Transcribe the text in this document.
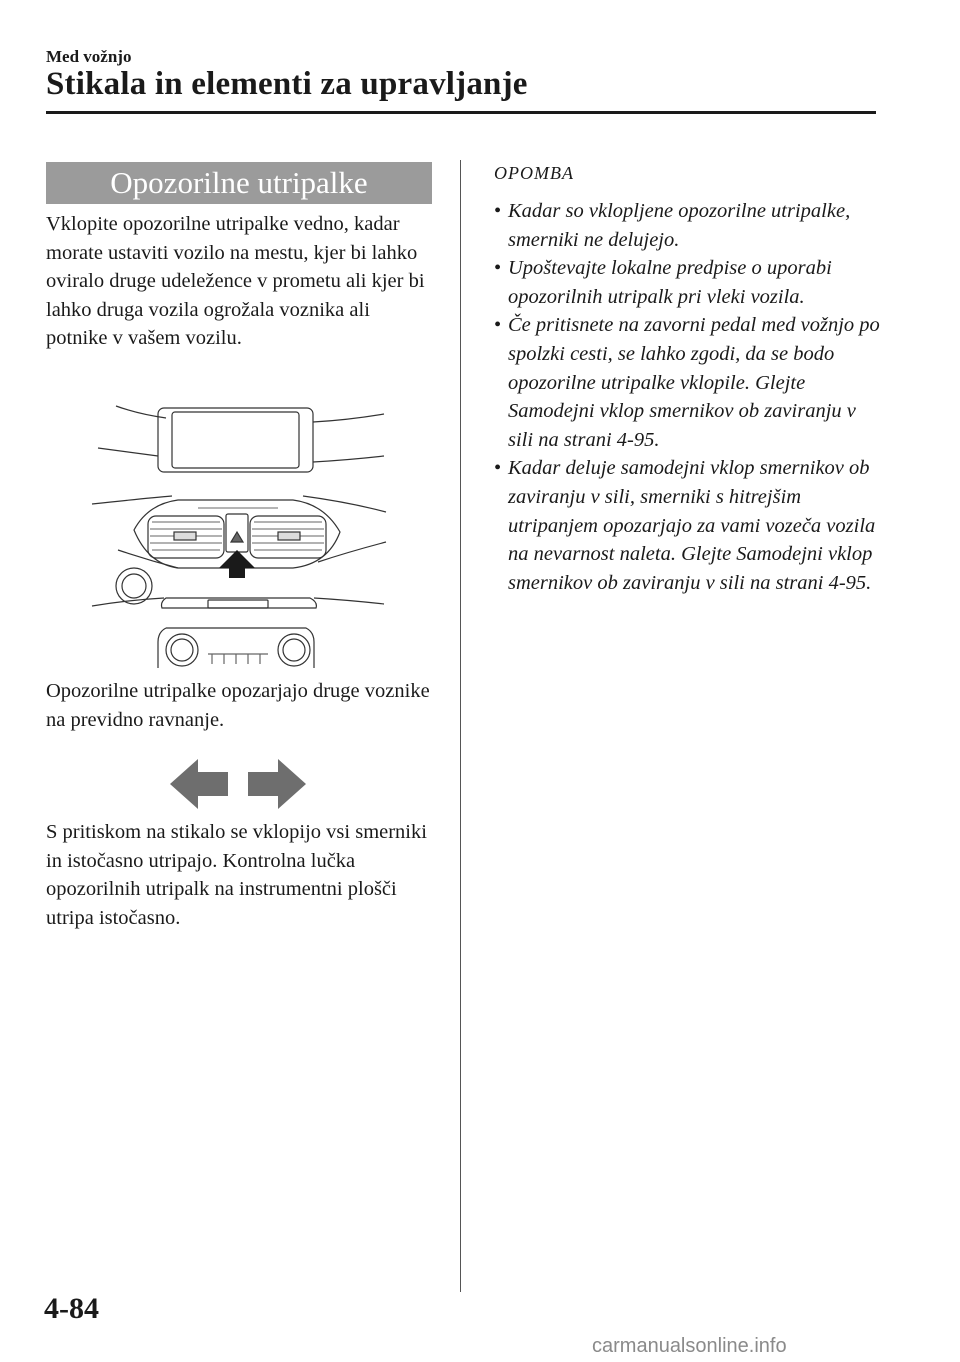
Med vožnjo
Stikala in elementi za upravljanje
Opozorilne utripalke
Vklopite opozorilne utripalke vedno, kadar morate ustaviti vozilo na mestu, kjer bi lahko oviralo druge udeležence v prometu ali kjer bi lahko druga vozila ogrožala voznika ali potnike v vašem vozilu.
Opozorilne utripalke opozarjajo druge voznike na previdno ravnanje.
S pritiskom na stikalo se vklopijo vsi smerniki in istočasno utripajo. Kontrolna lučka opozorilnih utripalk na instrumentni plošči utripa istočasno.
OPOMBA
• Kadar so vklopljene opozorilne utripalke, smerniki ne delujejo.
• Upoštevajte lokalne predpise o uporabi opozorilnih utripalk pri vleki vozila.
• Če pritisnete na zavorni pedal med vožnjo po spolzki cesti, se lahko zgodi, da se bodo opozorilne utripalke vklopile. Glejte Samodejni vklop smernikov ob zaviranju v sili na strani 4-95.
• Kadar deluje samodejni vklop smernikov ob zaviranju v sili, smerniki s hitrejšim utripanjem opozarjajo za vami vozeča vozila na nevarnost naleta. Glejte Samodejni vklop smernikov ob zaviranju v sili na strani 4-95.
4-84
carmanualsonline.info
